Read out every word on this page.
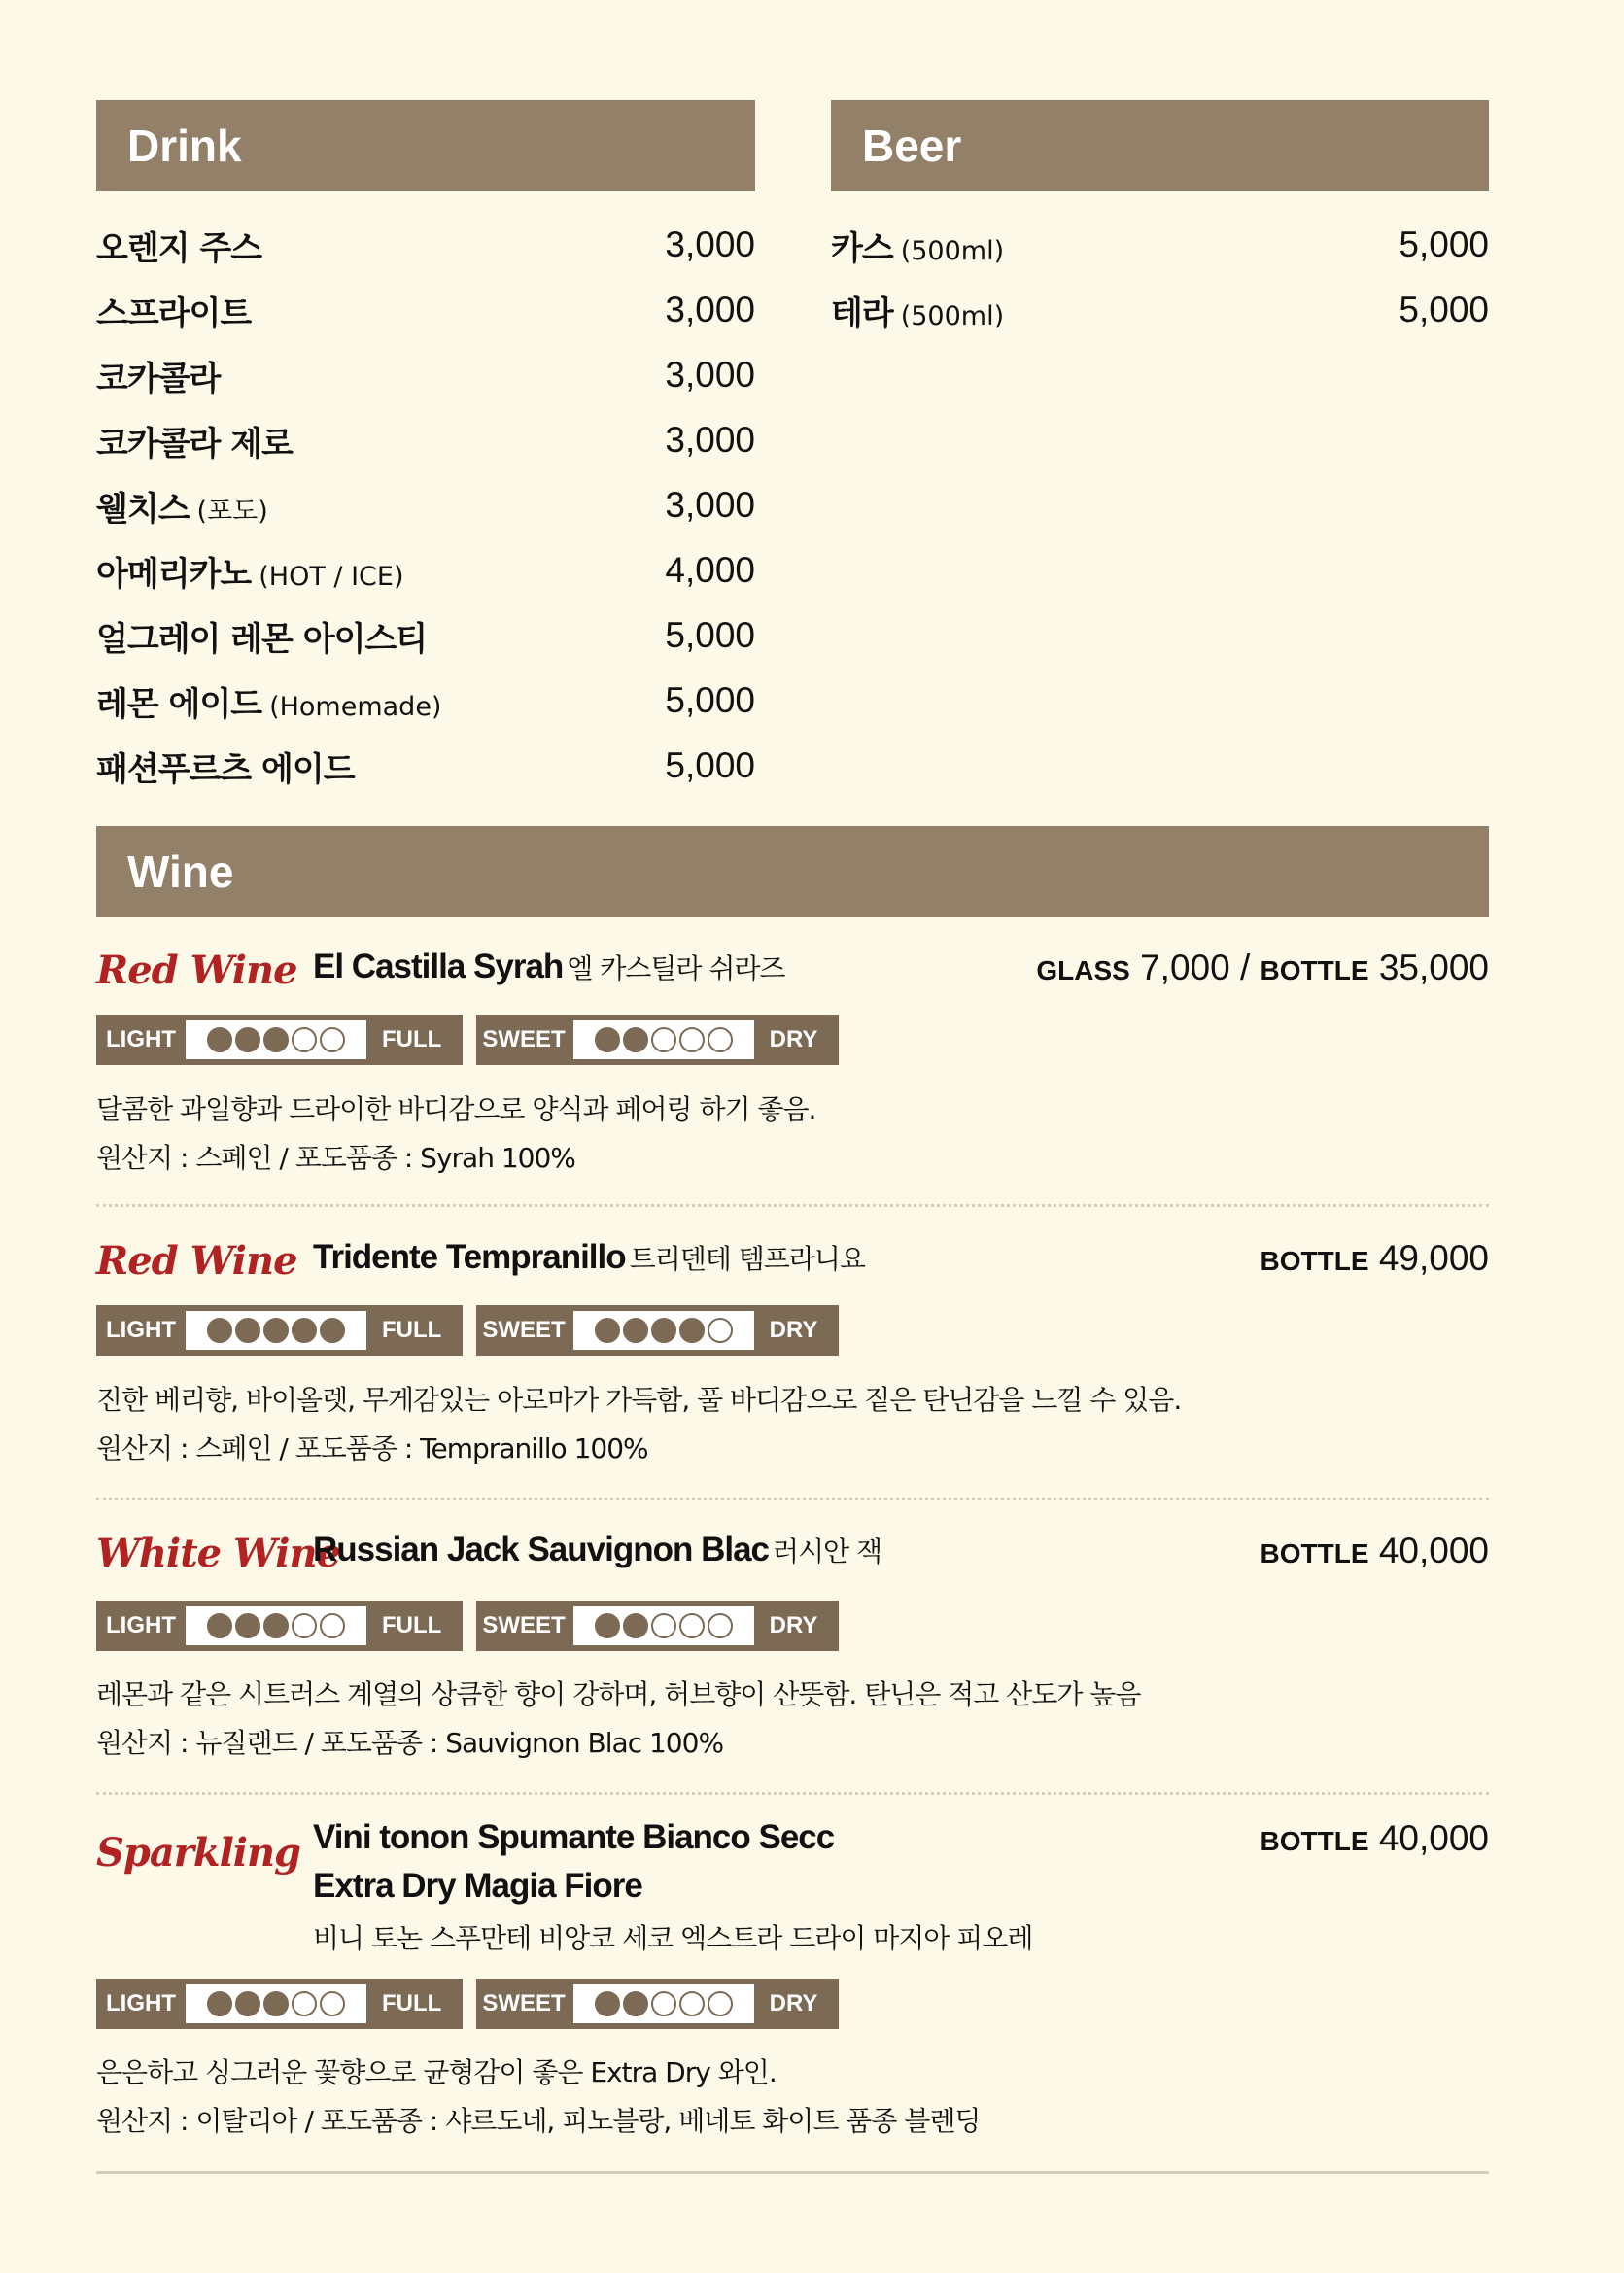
Drink	Beer
오렌지 주스	3,000
스프라이트	3,000
코카콜라	3,000
코카콜라 제로	3,000
웰치스 (포도)	3,000
아메리카노 (HOT / ICE)	4,000
얼그레이 레몬 아이스티	5,000
레몬 에이드 (Homemade)	5,000
패션푸르츠 에이드	5,000
카스 (500ml)	5,000
테라 (500ml)	5,000
Wine
Red Wine El Castilla Syrah 엘 카스틸라 쉬라즈	GLASS 7,000 / BOTTLE 35,000
LIGHT	FULL	SWEET	DRY
달콤한 과일향과 드라이한 바디감으로 양식과 페어링 하기 좋음.
원산지 : 스페인 / 포도품종 : Syrah 100%
Red Wine Tridente Tempranillo 트리덴테 템프라니요	BOTTLE 49,000
LIGHT	FULL	SWEET	DRY
진한 베리향, 바이올렛, 무게감있는 아로마가 가득함, 풀 바디감으로 짙은 탄닌감을 느낄 수 있음.
원산지 : 스페인 / 포도품종 : Tempranillo 100%
White Wine
Russian Jack Sauvignon Blac 러시안 잭	BOTTLE 40,000
LIGHT	FULL	SWEET	DRY
레몬과 같은 시트러스 계열의 상큼한 향이 강하며, 허브향이 산뜻함. 탄닌은 적고 산도가 높음
원산지 : 뉴질랜드 / 포도품종 : Sauvignon Blac 100%
Sparkling Vini tonon Spumante Bianco Secc
Extra Dry Magia Fiore
비니 토논 스푸만테 비앙코 세코 엑스트라 드라이 마지아 피오레
BOTTLE 40,000
LIGHT	FULL	SWEET	DRY
은은하고 싱그러운 꽃향으로 균형감이 좋은 Extra Dry 와인.
원산지 : 이탈리아 / 포도품종 : 샤르도네, 피노블랑, 베네토 화이트 품종 블렌딩
